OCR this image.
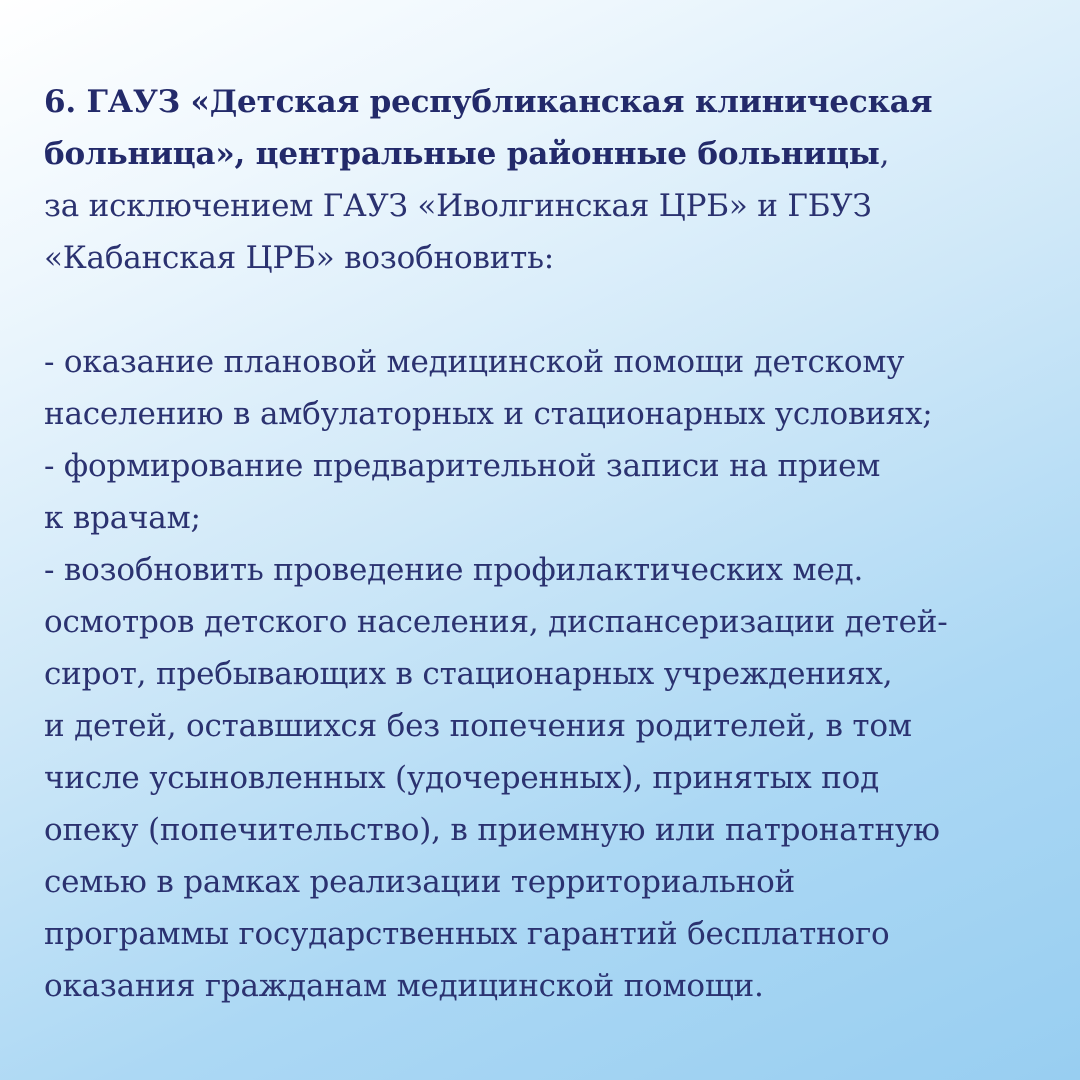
6. ГАУЗ «Детская республиканская клиническая

больница», центральные районные больницы,

за исключением ГАУЗ «Иволгинская ЦРБ» и ГБУЗ

«Кабанская ЦРБ» возобновить:

- оказание плановой медицинской помощи детскому

населению в амбулаторных и стационарных условиях;

- формирование предварительной записи на прием

к врачам;

- возобновить проведение профилактических мед.

осмотров детского населения, диспансеризации детей-

сирот, пребывающих в стационарных учреждениях,

и детей, оставшихся без попечения родителей, в том

числе усыновленных (удочеренных), принятых под

опеку (попечительство), в приемную или патронатную

семью в рамках реализации территориальной

программы государственных гарантий бесплатного

оказания гражданам медицинской помощи.
